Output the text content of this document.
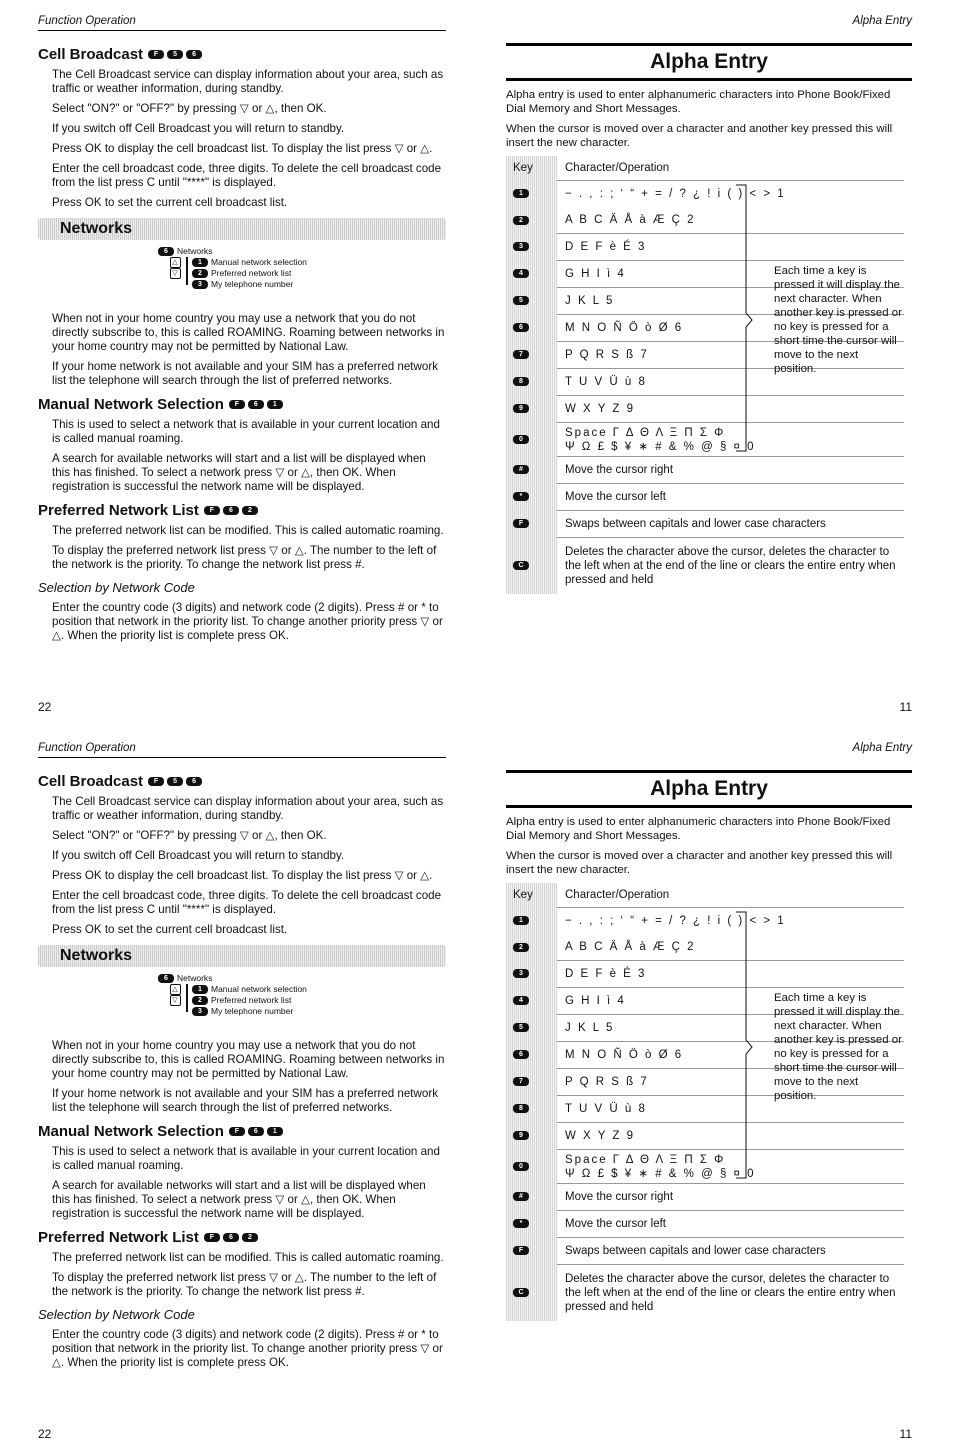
Function Operation
Cell Broadcast	F	5	6

The Cell Broadcast service can display information about your area, such as traffic or weather information, during standby.

Select "ON?" or "OFF?" by pressing ▽ or △, then OK.

If you switch off Cell Broadcast you will return to standby.

Press OK to display the cell broadcast list. To display the list press ▽ or △.

Enter the cell broadcast code, three digits. To delete the cell broadcast code from the list press C until "****" is displayed.

Press OK to set the current cell broadcast list.

Networks
6	Networks
△
▽
1	Manual network selection
2	Preferred network list
3	My telephone number

When not in your home country you may use a network that you do not directly subscribe to, this is called ROAMING. Roaming between networks in your home country may not be permitted by National Law.

If your home network is not available and your SIM has a preferred network list the telephone will search through the list of preferred networks.

Manual Network Selection	F	6	1

This is used to select a network that is available in your current location and is called manual roaming.

A search for available networks will start and a list will be displayed when this has finished. To select a network press ▽ or △, then OK. When registration is successful the network name will be displayed.

Preferred Network List	F	6	2

The preferred network list can be modified. This is called automatic roaming.

To display the preferred network list press ▽ or △. The number to the left of the network is the priority. To change the network list press #.

Selection by Network Code

Enter the country code (3 digits) and network code (2 digits). Press # or * to position that network in the priority list. To change another priority press ▽ or △. When the priority list is complete press OK.

22
Alpha Entry
Alpha Entry
Alpha entry is used to enter alphanumeric characters into Phone Book/Fixed Dial Memory and Short Messages.
When the cursor is moved over a character and another key pressed this will insert the new character.
Key	Character/Operation
1	− . , : ; ‘ “ + = / ? ¿ ! i ( ) < > 1
2	A B C Ä Å à Æ Ç 2
3	D E F è É 3
4	G H I ì 4
5	J K L 5
6	M N O Ñ Ö ò Ø 6
7	P Q R S ß 7
8	T U V Ü ù 8
9	W X Y Z 9
0	Space Γ Δ Θ Λ Ξ Π Σ Φ
Ψ Ω £ $ ¥ ∗ # & % @ § ¤ 0

#	Move the cursor right
*	Move the cursor left
F	Swaps between capitals and lower case characters
C	Deletes the character above the cursor, deletes the character to the left when at the end of the line or clears the entire entry when pressed and held
Each time a key is pressed it will display the next character. When another key is pressed or no key is pressed for a short time the cursor will move to the next position.
11
Function Operation
Cell Broadcast	F	5	6

The Cell Broadcast service can display information about your area, such as traffic or weather information, during standby.

Select "ON?" or "OFF?" by pressing ▽ or △, then OK.

If you switch off Cell Broadcast you will return to standby.

Press OK to display the cell broadcast list. To display the list press ▽ or △.

Enter the cell broadcast code, three digits. To delete the cell broadcast code from the list press C until "****" is displayed.

Press OK to set the current cell broadcast list.

Networks
6	Networks
△
▽
1	Manual network selection
2	Preferred network list
3	My telephone number

When not in your home country you may use a network that you do not directly subscribe to, this is called ROAMING. Roaming between networks in your home country may not be permitted by National Law.

If your home network is not available and your SIM has a preferred network list the telephone will search through the list of preferred networks.

Manual Network Selection	F	6	1

This is used to select a network that is available in your current location and is called manual roaming.

A search for available networks will start and a list will be displayed when this has finished. To select a network press ▽ or △, then OK. When registration is successful the network name will be displayed.

Preferred Network List	F	6	2

The preferred network list can be modified. This is called automatic roaming.

To display the preferred network list press ▽ or △. The number to the left of the network is the priority. To change the network list press #.

Selection by Network Code

Enter the country code (3 digits) and network code (2 digits). Press # or * to position that network in the priority list. To change another priority press ▽ or △. When the priority list is complete press OK.

22
Alpha Entry
Alpha Entry
Alpha entry is used to enter alphanumeric characters into Phone Book/Fixed Dial Memory and Short Messages.
When the cursor is moved over a character and another key pressed this will insert the new character.
Key	Character/Operation
1	− . , : ; ‘ “ + = / ? ¿ ! i ( ) < > 1
2	A B C Ä Å à Æ Ç 2
3	D E F è É 3
4	G H I ì 4
5	J K L 5
6	M N O Ñ Ö ò Ø 6
7	P Q R S ß 7
8	T U V Ü ù 8
9	W X Y Z 9
0	Space Γ Δ Θ Λ Ξ Π Σ Φ
Ψ Ω £ $ ¥ ∗ # & % @ § ¤ 0

#	Move the cursor right
*	Move the cursor left
F	Swaps between capitals and lower case characters
C	Deletes the character above the cursor, deletes the character to the left when at the end of the line or clears the entire entry when pressed and held
Each time a key is pressed it will display the next character. When another key is pressed or no key is pressed for a short time the cursor will move to the next position.
11
